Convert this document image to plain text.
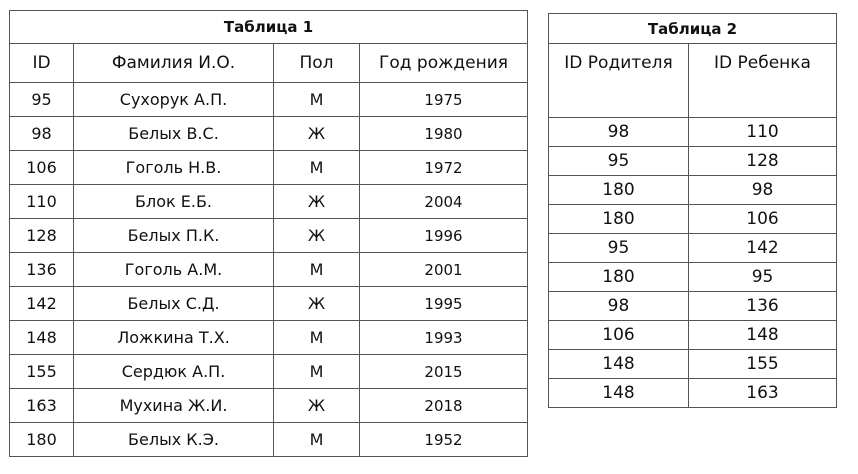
Таблица 1			
ID	Фамилия И.О.	Пол	Год рождения
95	Сухорук А.П.	М	1975
98	Белых В.С.	Ж	1980
106	Гоголь Н.В.	М	1972
110	Блок Е.Б.	Ж	2004
128	Белых П.К.	Ж	1996
136	Гоголь А.М.	М	2001
142	Белых С.Д.	Ж	1995
148	Ложкина Т.Х.	М	1993
155	Сердюк А.П.	М	2015
163	Мухина Ж.И.	Ж	2018
180	Белых К.Э.	М	1952
Таблица 2	
ID Родителя	ID Ребенка
98	110
95	128
180	98
180	106
95	142
180	95
98	136
106	148
148	155
148	163
